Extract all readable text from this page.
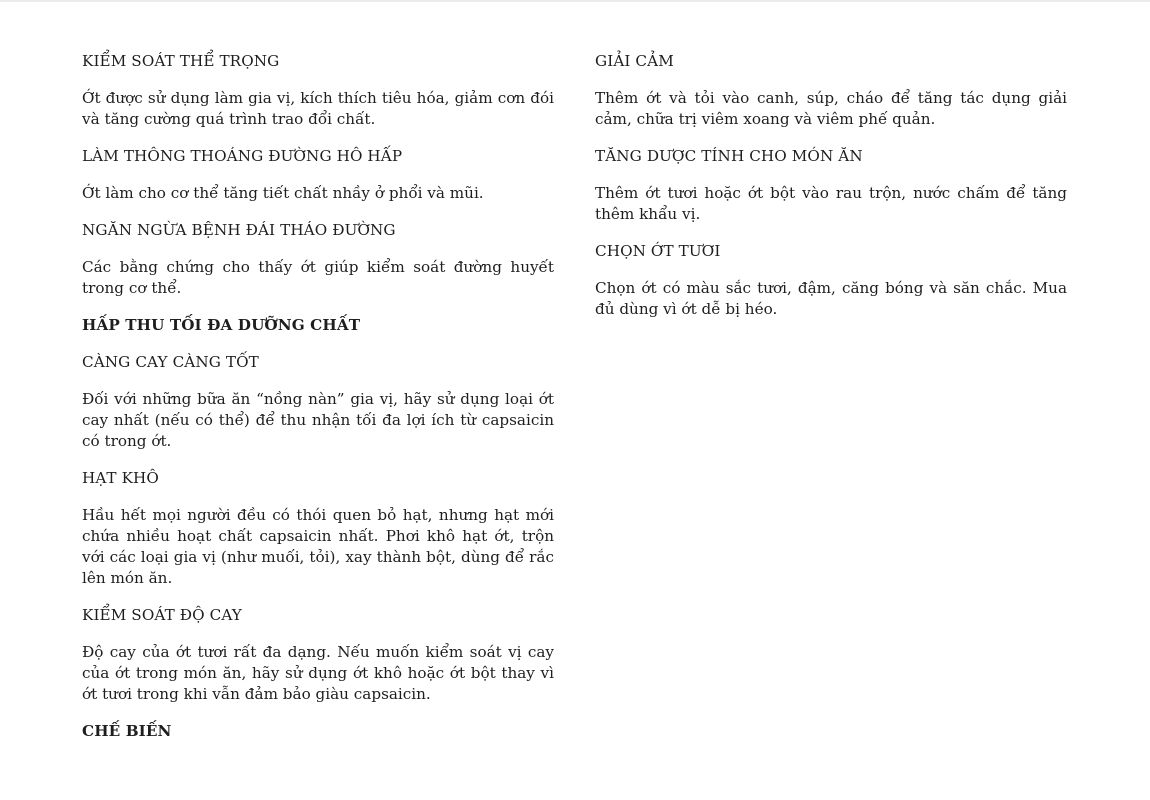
KIỂM SOÁT THỂ TRỌNG

Ớt được sử dụng làm gia vị, kích thích tiêu hóa, giảm cơn đói và tăng cường quá trình trao đổi chất.

LÀM THÔNG THOÁNG ĐƯỜNG HÔ HẤP

Ớt làm cho cơ thể tăng tiết chất nhầy ở phổi và mũi.

NGĂN NGỪA BỆNH ĐÁI THÁO ĐƯỜNG

Các bằng chứng cho thấy ớt giúp kiểm soát đường huyết trong cơ thể.

HẤP THU TỐI ĐA DƯỠNG CHẤT

CÀNG CAY CÀNG TỐT

Đối với những bữa ăn “nồng nàn” gia vị, hãy sử dụng loại ớt cay nhất (nếu có thể) để thu nhận tối đa lợi ích từ capsaicin có trong ớt.

HẠT KHÔ

Hầu hết mọi người đều có thói quen bỏ hạt, nhưng hạt mới chứa nhiều hoạt chất capsaicin nhất. Phơi khô hạt ớt, trộn với các loại gia vị (như muối, tỏi), xay thành bột, dùng để rắc lên món ăn.

KIỂM SOÁT ĐỘ CAY

Độ cay của ớt tươi rất đa dạng. Nếu muốn kiểm soát vị cay của ớt trong món ăn, hãy sử dụng ớt khô hoặc ớt bột thay vì ớt tươi trong khi vẫn đảm bảo giàu capsaicin.

CHẾ BIẾN

GIẢI CẢM

Thêm ớt và tỏi vào canh, súp, cháo để tăng tác dụng giải cảm, chữa trị viêm xoang và viêm phế quản.

TĂNG DƯỢC TÍNH CHO MÓN ĂN

Thêm ớt tươi hoặc ớt bột vào rau trộn, nước chấm để tăng thêm khẩu vị.

CHỌN ỚT TƯƠI

Chọn ớt có màu sắc tươi, đậm, căng bóng và săn chắc. Mua đủ dùng vì ớt dễ bị héo.
